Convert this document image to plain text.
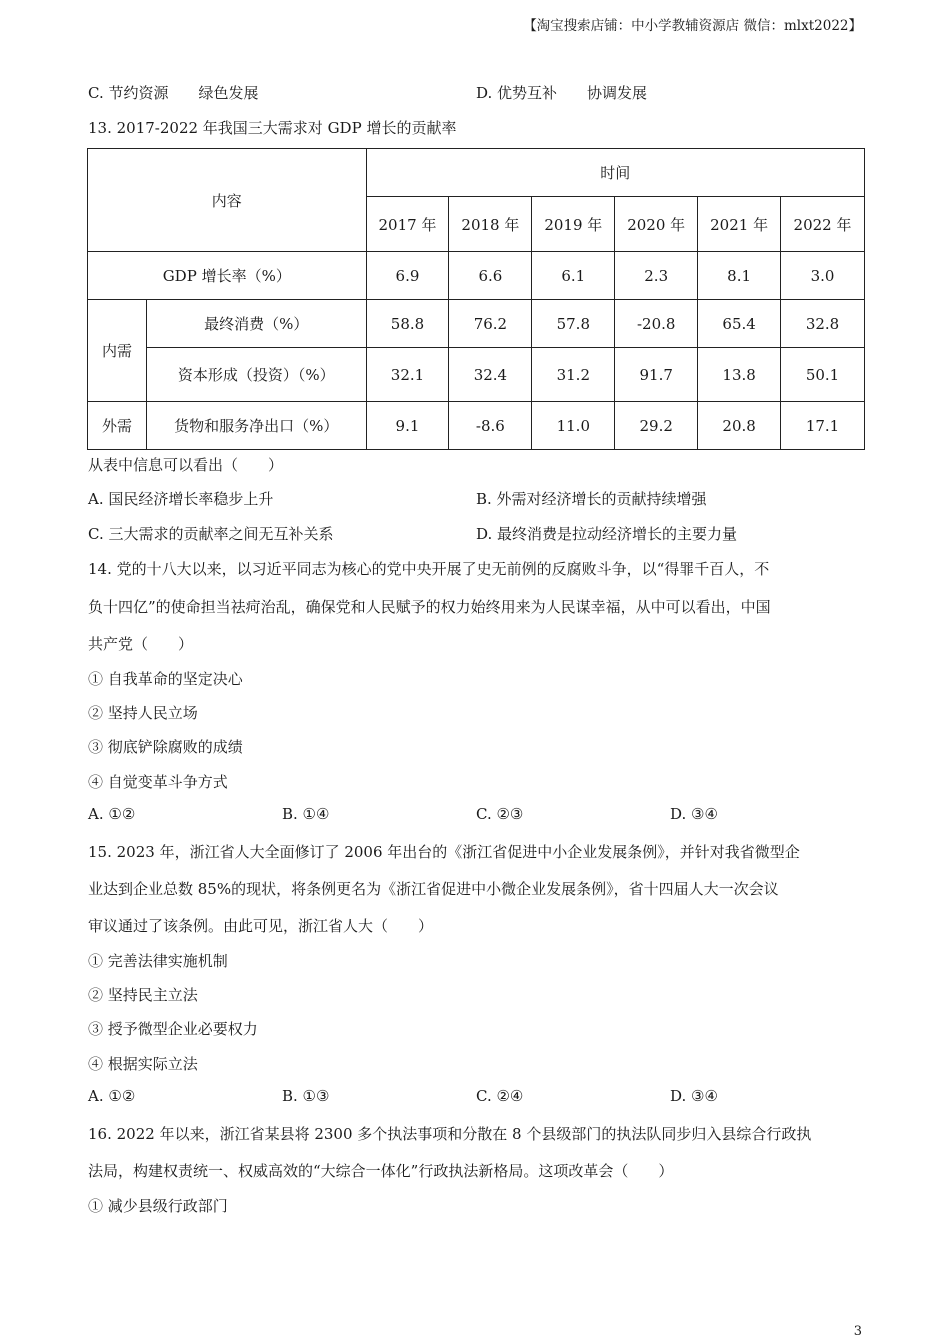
【淘宝搜索店铺：中小学教辅资源店 微信：mlxt2022】
C. 节约资源　　绿色发展	D. 优势互补　　协调发展
13. 2017-2022 年我国三大需求对 GDP 增长的贡献率
内容		时间					
		2017 年	2018 年	2019 年	2020 年	2021 年	2022 年
GDP 增长率（%）		6.9	6.6	6.1	2.3	8.1	3.0
内需	最终消费（%）	58.8	76.2	57.8	-20.8	65.4	32.8
	资本形成（投资）（%）	32.1	32.4	31.2	91.7	13.8	50.1
外需	货物和服务净出口（%）	9.1	-8.6	11.0	29.2	20.8	17.1
从表中信息可以看出（　　）
A. 国民经济增长率稳步上升	B. 外需对经济增长的贡献持续增强
C. 三大需求的贡献率之间无互补关系	D. 最终消费是拉动经济增长的主要力量
14. 党的十八大以来，以习近平同志为核心的党中央开展了史无前例的反腐败斗争，以“得罪千百人，不
负十四亿”的使命担当祛疴治乱，确保党和人民赋予的权力始终用来为人民谋幸福，从中可以看出，中国
共产党（　　）
① 自我革命的坚定决心
② 坚持人民立场
③ 彻底铲除腐败的成绩
④ 自觉变革斗争方式
A. ①②	B. ①④	C. ②③	D. ③④
15. 2023 年，浙江省人大全面修订了 2006 年出台的《浙江省促进中小企业发展条例》，并针对我省微型企
业达到企业总数 85%的现状，将条例更名为《浙江省促进中小微企业发展条例》，省十四届人大一次会议
审议通过了该条例。由此可见，浙江省人大（　　）
① 完善法律实施机制
② 坚持民主立法
③ 授予微型企业必要权力
④ 根据实际立法
A. ①②	B. ①③	C. ②④	D. ③④
16. 2022 年以来，浙江省某县将 2300 多个执法事项和分散在 8 个县级部门的执法队同步归入县综合行政执
法局，构建权责统一、权威高效的“大综合一体化”行政执法新格局。这项改革会（　　）
① 减少县级行政部门
3
